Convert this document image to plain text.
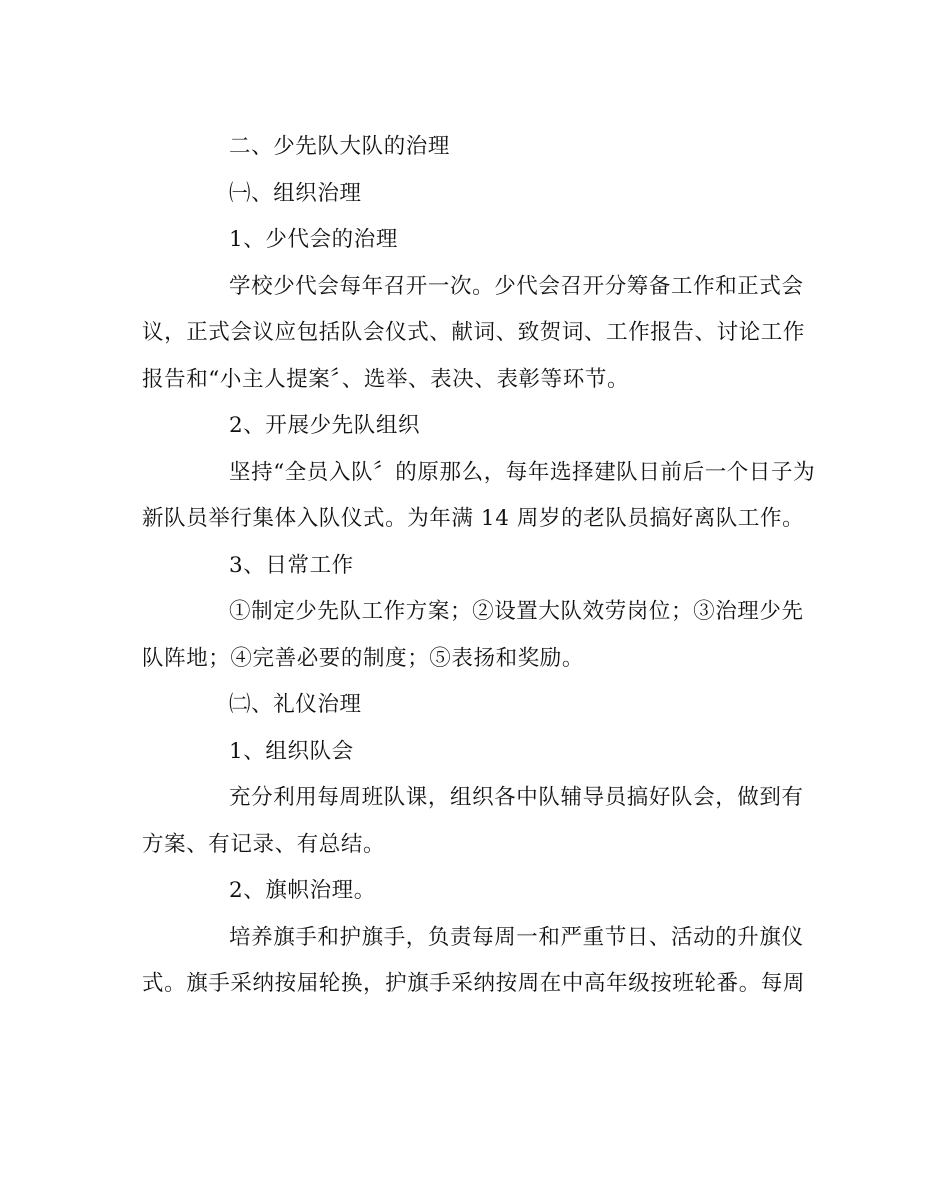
二、少先队大队的治理
㈠、组织治理
1、少代会的治理
学校少代会每年召开一次。少代会召开分筹备工作和正式会
议，正式会议应包括队会仪式、献词、致贺词、工作报告、讨论工作
报告和“小主人提案〞、选举、表决、表彰等环节。
2、开展少先队组织
坚持“全员入队〞的原那么，每年选择建队日前后一个日子为
新队员举行集体入队仪式。为年满 14 周岁的老队员搞好离队工作。
3、日常工作
①制定少先队工作方案；②设置大队效劳岗位；③治理少先
队阵地；④完善必要的制度；⑤表扬和奖励。
㈡、礼仪治理
1、组织队会
充分利用每周班队课，组织各中队辅导员搞好队会，做到有
方案、有记录、有总结。
2、旗帜治理。
培养旗手和护旗手，负责每周一和严重节日、活动的升旗仪
式。旗手采纳按届轮换，护旗手采纳按周在中高年级按班轮番。每周
